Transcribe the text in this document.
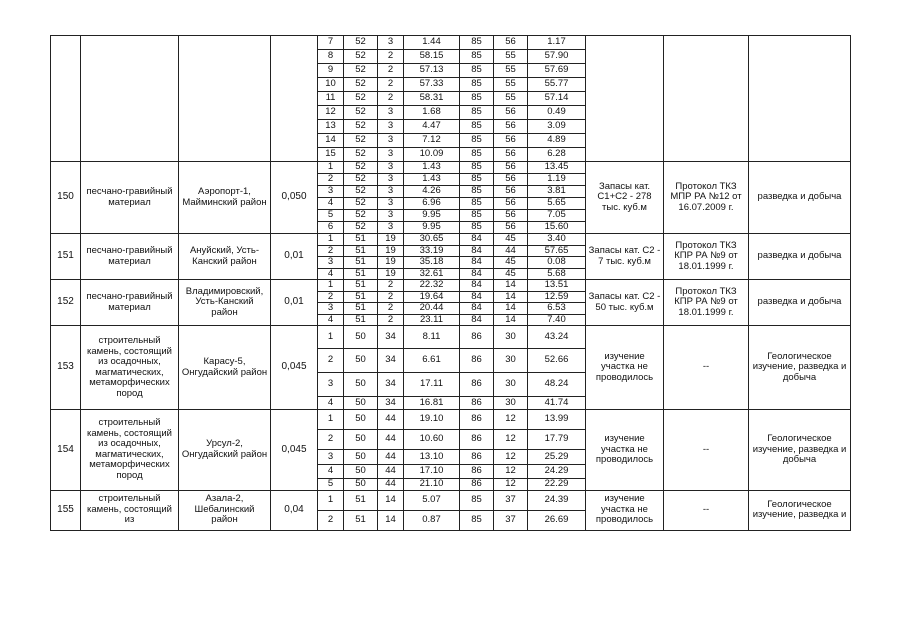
				7	52	3	1.44	85	56	1.17			
				8	52	2	58.15	85	55	57.90			
				9	52	2	57.13	85	55	57.69			
				10	52	2	57.33	85	55	55.77			
				11	52	2	58.31	85	55	57.14			
				12	52	3	1.68	85	56	0.49			
				13	52	3	4.47	85	56	3.09			
				14	52	3	7.12	85	56	4.89			
				15	52	3	10.09	85	56	6.28			
150	песчано-гравийный материал	Аэропорт-1, Майминский район	0,050	1	52	3	1.43	85	56	13.45	Запасы кат. С1+С2 - 278 тыс. куб.м	Протокол ТКЗ МПР РА №12 от 16.07.2009 г.	разведка и добыча
				2	52	3	1.43	85	56	1.19			
				3	52	3	4.26	85	56	3.81			
				4	52	3	6.96	85	56	5.65			
				5	52	3	9.95	85	56	7.05			
				6	52	3	9.95	85	56	15.60			
151	песчано-гравийный материал	Ануйский, Усть-Канский район	0,01	1	51	19	30.65	84	45	3.40	Запасы кат. С2 - 7 тыс. куб.м	Протокол ТКЗ КПР РА №9 от 18.01.1999 г.	разведка и добыча
				2	51	19	33.19	84	44	57.65			
				3	51	19	35.18	84	45	0.08			
				4	51	19	32.61	84	45	5.68			
152	песчано-гравийный материал	Владимировский, Усть-Канский район	0,01	1	51	2	22.32	84	14	13.51	Запасы кат. С2 - 50 тыс. куб.м	Протокол ТКЗ КПР РА №9 от 18.01.1999 г.	разведка и добыча
				2	51	2	19.64	84	14	12.59			
				3	51	2	20.44	84	14	6.53			
				4	51	2	23.11	84	14	7.40			
153	строительный камень, состоящий из осадочных, магматических, метаморфических пород	Карасу-5, Онгудайский район	0,045	1	50	34	8.11	86	30	43.24	изучение участка не проводилось	--	Геологическое изучение, разведка и добыча
				2	50	34	6.61	86	30	52.66			
				3	50	34	17.11	86	30	48.24			
				4	50	34	16.81	86	30	41.74			
154	строительный камень, состоящий из осадочных, магматических, метаморфических пород	Урсул-2, Онгудайский район	0,045	1	50	44	19.10	86	12	13.99	изучение участка не проводилось	--	Геологическое изучение, разведка и добыча
				2	50	44	10.60	86	12	17.79			
				3	50	44	13.10	86	12	25.29			
				4	50	44	17.10	86	12	24.29			
				5	50	44	21.10	86	12	22.29			
155	строительный камень, состоящий из	Азала-2, Шебалинский район	0,04	1	51	14	5.07	85	37	24.39	изучение участка не проводилось	--	Геологическое изучение, разведка и
				2	51	14	0.87	85	37	26.69			
